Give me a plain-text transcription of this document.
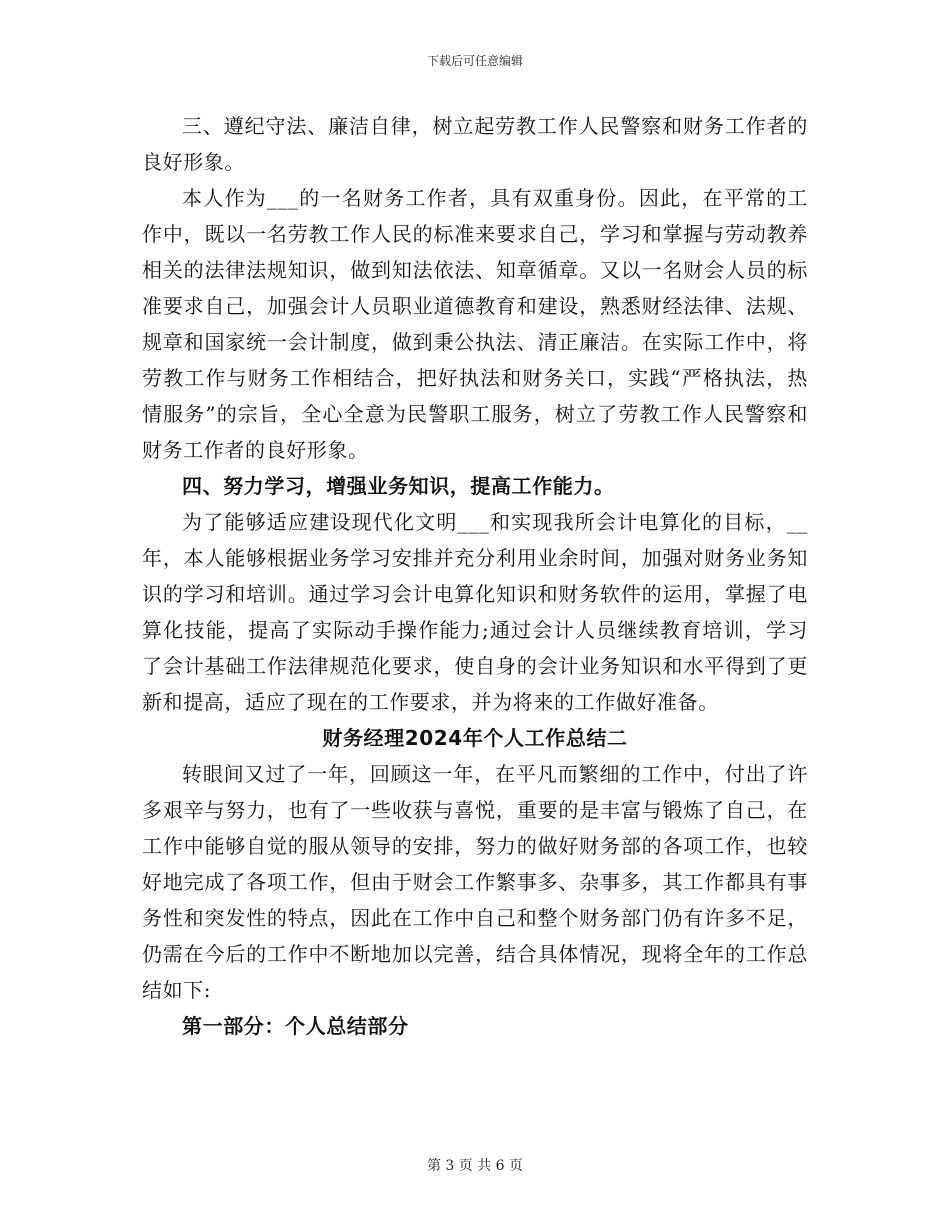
下载后可任意编辑

三、遵纪守法、廉洁自律，树立起劳教工作人民警察和财务工作者的良好形象。

本人作为___的一名财务工作者，具有双重身份。因此，在平常的工作中，既以一名劳教工作人民的标准来要求自己，学习和掌握与劳动教养相关的法律法规知识，做到知法依法、知章循章。又以一名财会人员的标准要求自己，加强会计人员职业道德教育和建设，熟悉财经法律、法规、规章和国家统一会计制度，做到秉公执法、清正廉洁。在实际工作中，将劳教工作与财务工作相结合，把好执法和财务关口，实践“严格执法，热情服务”的宗旨，全心全意为民警职工服务，树立了劳教工作人民警察和财务工作者的良好形象。

四、努力学习，增强业务知识，提高工作能力。

为了能够适应建设现代化文明___和实现我所会计电算化的目标，__年，本人能够根据业务学习安排并充分利用业余时间，加强对财务业务知识的学习和培训。通过学习会计电算化知识和财务软件的运用，掌握了电算化技能，提高了实际动手操作能力;通过会计人员继续教育培训，学习了会计基础工作法律规范化要求，使自身的会计业务知识和水平得到了更新和提高，适应了现在的工作要求，并为将来的工作做好准备。

财务经理2024年个人工作总结二

转眼间又过了一年，回顾这一年，在平凡而繁细的工作中，付出了许多艰辛与努力，也有了一些收获与喜悦，重要的是丰富与锻炼了自己，在工作中能够自觉的服从领导的安排，努力的做好财务部的各项工作，也较好地完成了各项工作，但由于财会工作繁事多、杂事多，其工作都具有事务性和突发性的特点，因此在工作中自己和整个财务部门仍有许多不足，仍需在今后的工作中不断地加以完善，结合具体情况，现将全年的工作总结如下:

第一部分：个人总结部分

第 3 页 共 6 页
